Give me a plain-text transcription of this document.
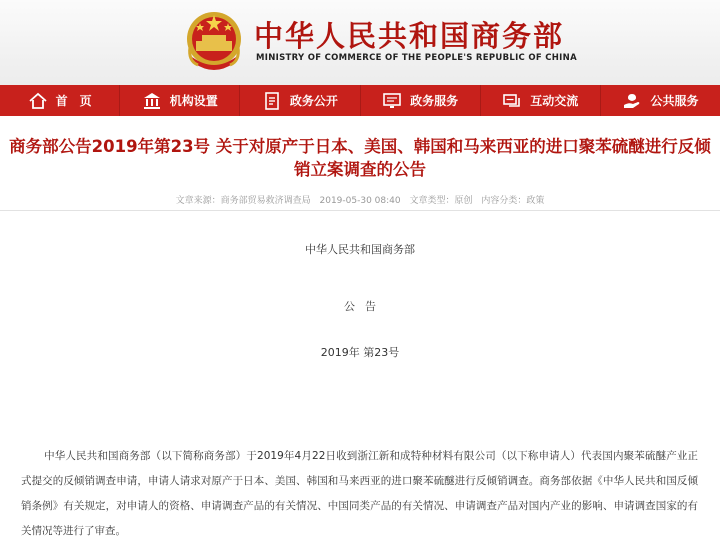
中华人民共和国商务部
MINISTRY OF COMMERCE OF THE PEOPLE'S REPUBLIC OF CHINA
首　页	机构设置	政务公开	政务服务	互动交流	公共服务
商务部公告2019年第23号 关于对原产于日本、美国、韩国和马来西亚的进口聚苯硫醚进行反倾销立案调查的公告
文章来源：商务部贸易救济调查局 2019-05-30 08:40 文章类型：原创 内容分类：政策
中华人民共和国商务部
公告
2019年 第23号
中华人民共和国商务部（以下简称商务部）于2019年4月22日收到浙江新和成特种材料有限公司（以下称申请人）代表国内聚苯硫醚产业正式提交的反倾销调查申请，申请人请求对原产于日本、美国、韩国和马来西亚的进口聚苯硫醚进行反倾销调查。商务部依据《中华人民共和国反倾销条例》有关规定，对申请人的资格、申请调查产品的有关情况、中国同类产品的有关情况、申请调查产品对国内产业的影响、申请调查国家的有关情况等进行了审查。
